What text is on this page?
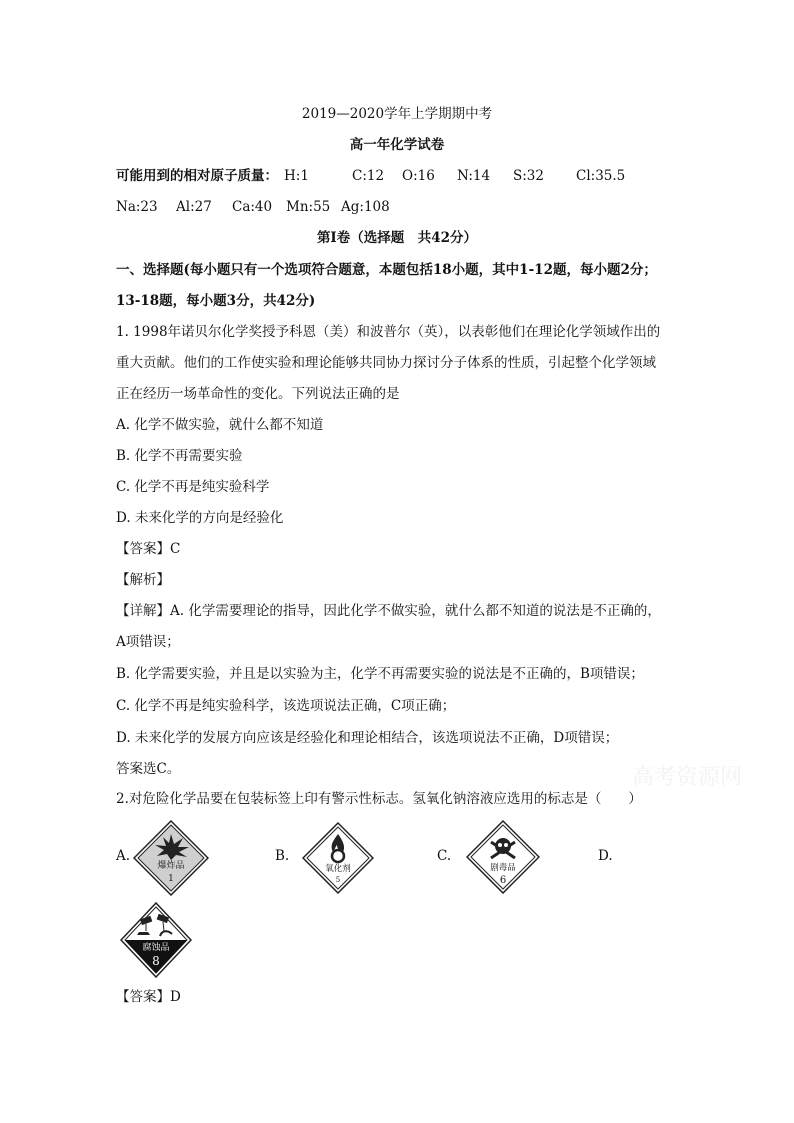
2019—2020学年上学期期中考
高一年化学试卷
可能用到的相对原子质量： H:1	C:12 O:16 N:14 S:32 Cl:35.5
Na:23 Al:27 Ca:40 Mn:55 Ag:108
第Ⅰ卷（选择题　共42分）
一、选择题(每小题只有一个选项符合题意，本题包括18小题，其中1-12题，每小题2分；
13-18题，每小题3分，共42分)
1. 1998年诺贝尔化学奖授予科恩（美）和波普尔（英），以表彰他们在理论化学领域作出的
重大贡献。他们的工作使实验和理论能够共同协力探讨分子体系的性质，引起整个化学领域
正在经历一场革命性的变化。下列说法正确的是
A. 化学不做实验，就什么都不知道
B. 化学不再需要实验
C. 化学不再是纯实验科学
D. 未来化学的方向是经验化
【答案】C
【解析】
【详解】A. 化学需要理论的指导，因此化学不做实验，就什么都不知道的说法是不正确的，
A项错误；
B. 化学需要实验，并且是以实验为主，化学不再需要实验的说法是不正确的，B项错误；
C. 化学不再是纯实验科学，该选项说法正确，C项正确；
D. 未来化学的发展方向应该是经验化和理论相结合，该选项说法不正确，D项错误；
答案选C。	高考资源网
2.对危险化学品要在包装标签上印有警示性标志。氢氧化钠溶液应选用的标志是（　　）
A.	B.	C.	D.
爆炸品
1
氧化剂
5
剧毒品
6
腐蚀品
8
【答案】D
